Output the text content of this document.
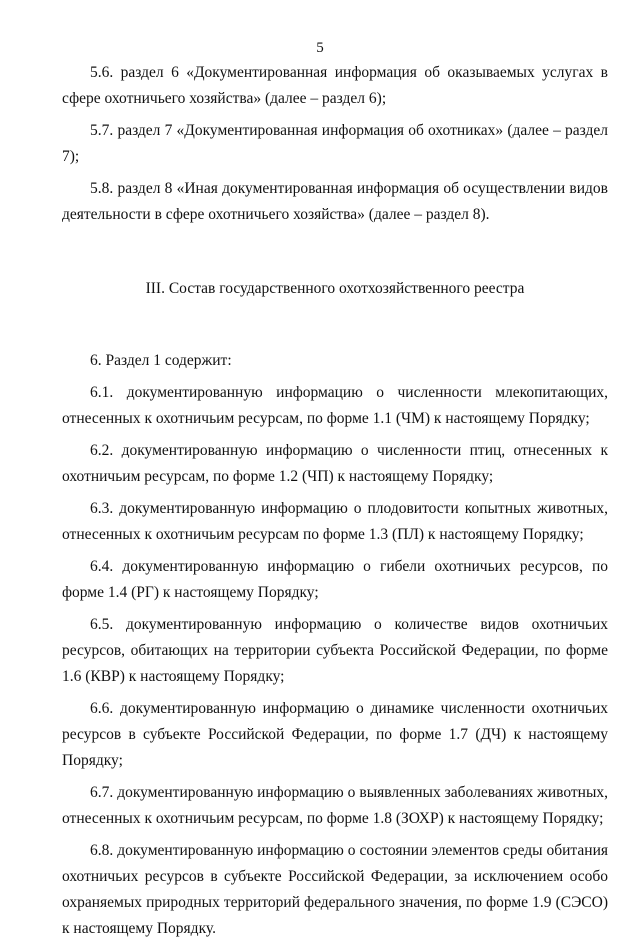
5

5.6. раздел 6 «Документированная информация об оказываемых услугах в сфере охотничьего хозяйства» (далее – раздел 6);

5.7. раздел 7 «Документированная информация об охотниках» (далее – раздел 7);

5.8. раздел 8 «Иная документированная информация об осуществлении видов деятельности в сфере охотничьего хозяйства» (далее – раздел 8).

III. Состав государственного охотхозяйственного реестра

6. Раздел 1 содержит:

6.1. документированную информацию о численности млекопитающих, отнесенных к охотничьим ресурсам, по форме 1.1 (ЧМ) к настоящему Порядку;

6.2. документированную информацию о численности птиц, отнесенных к охотничьим ресурсам, по форме 1.2 (ЧП) к настоящему Порядку;

6.3. документированную информацию о плодовитости копытных животных, отнесенных к охотничьим ресурсам по форме 1.3 (ПЛ) к настоящему Порядку;

6.4. документированную информацию о гибели охотничьих ресурсов, по форме 1.4 (РГ) к настоящему Порядку;

6.5. документированную информацию о количестве видов охотничьих ресурсов, обитающих на территории субъекта Российской Федерации, по форме 1.6 (КВР) к настоящему Порядку;

6.6. документированную информацию о динамике численности охотничьих ресурсов в субъекте Российской Федерации, по форме 1.7 (ДЧ) к настоящему Порядку;

6.7. документированную информацию о выявленных заболеваниях животных, отнесенных к охотничьим ресурсам, по форме 1.8 (ЗОХР) к настоящему Порядку;

6.8. документированную информацию о состоянии элементов среды обитания охотничьих ресурсов в субъекте Российской Федерации, за исключением особо охраняемых природных территорий федерального значения, по форме 1.9 (СЭСО) к настоящему Порядку.
